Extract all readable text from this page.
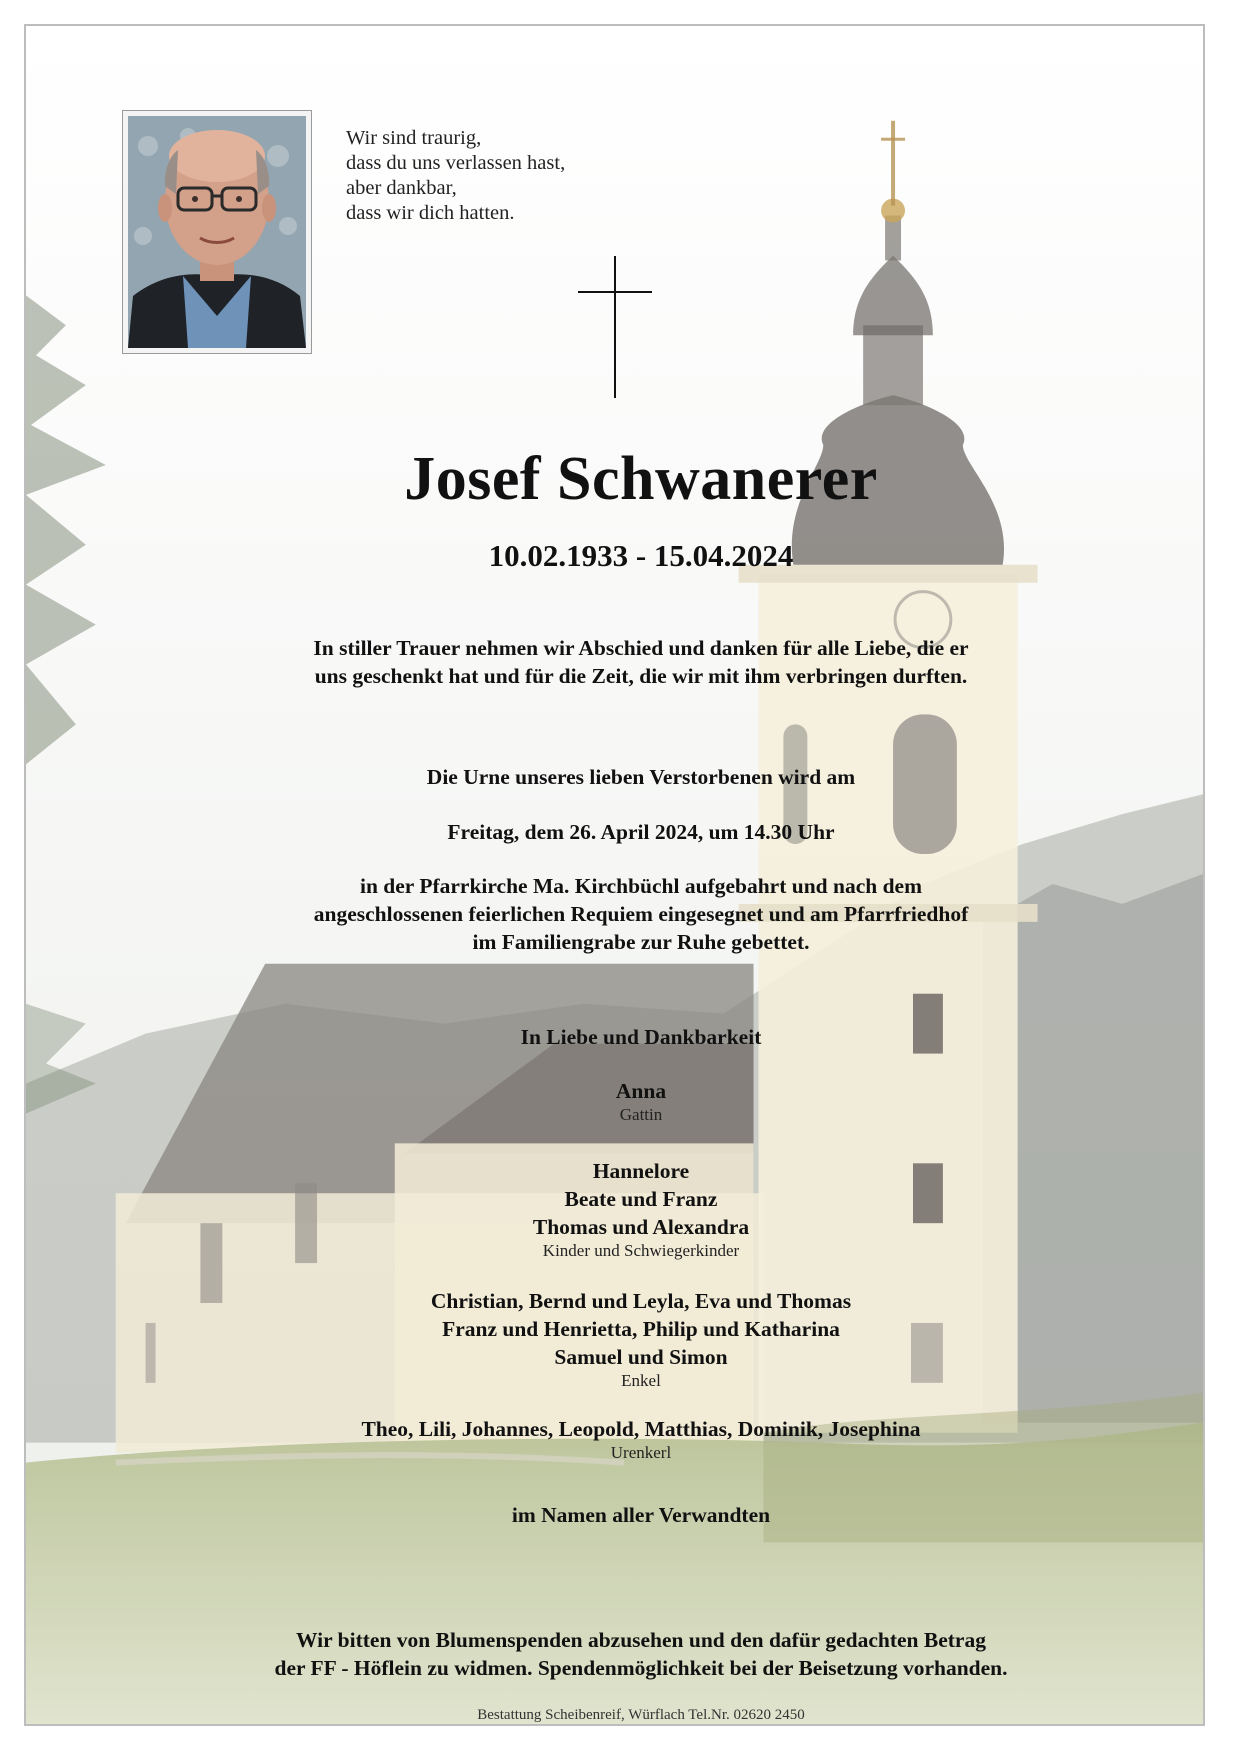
Wir sind traurig,
dass du uns verlassen hast,
aber dankbar,
dass wir dich hatten.
Josef Schwanerer
10.02.1933 - 15.04.2024
In stiller Trauer nehmen wir Abschied und danken für alle Liebe, die er
uns geschenkt hat und für die Zeit, die wir mit ihm verbringen durften.
Die Urne unseres lieben Verstorbenen wird am
Freitag, dem 26. April 2024, um 14.30 Uhr
in der Pfarrkirche Ma. Kirchbüchl aufgebahrt und nach dem
angeschlossenen feierlichen Requiem eingesegnet und am Pfarrfriedhof
im Familiengrabe zur Ruhe gebettet.
In Liebe und Dankbarkeit
Anna
Gattin
Hannelore
Beate und Franz
Thomas und Alexandra
Kinder und Schwiegerkinder
Christian, Bernd und Leyla, Eva und Thomas
Franz und Henrietta, Philip und Katharina
Samuel und Simon
Enkel
Theo, Lili, Johannes, Leopold, Matthias, Dominik, Josephina
Urenkerl
im Namen aller Verwandten
Wir bitten von Blumenspenden abzusehen und den dafür gedachten Betrag
der FF - Höflein zu widmen. Spendenmöglichkeit bei der Beisetzung vorhanden.
Bestattung Scheibenreif, Würflach Tel.Nr. 02620 2450
